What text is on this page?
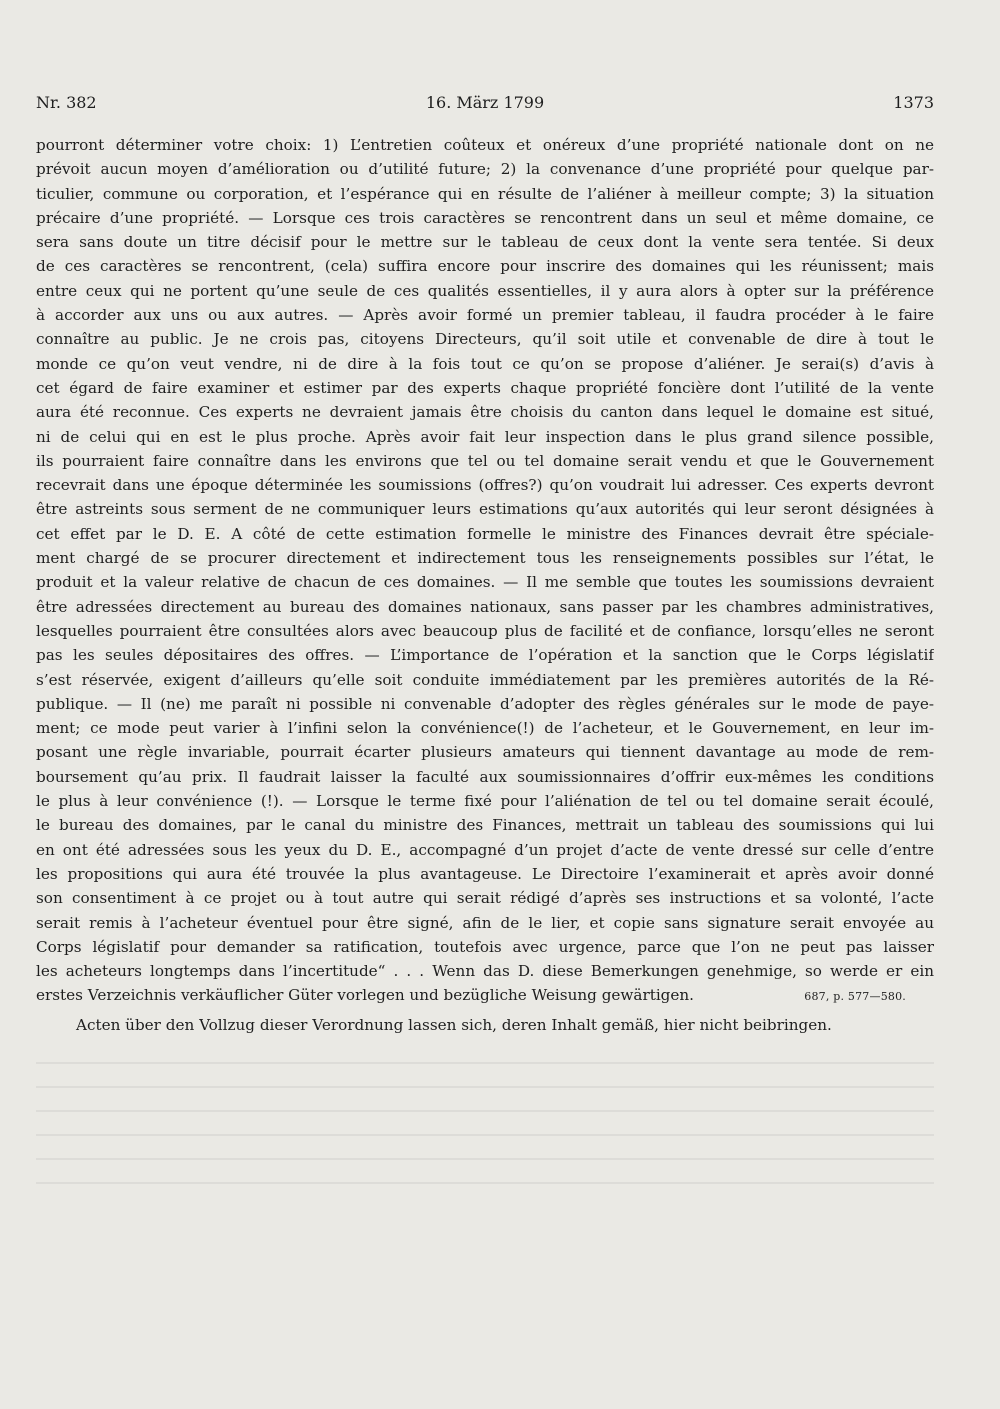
Nr. 382	16. März 1799	1373
pourront déterminer votre choix: 1) L’entretien coûteux et onéreux d’une propriété nationale dont on ne
prévoit aucun moyen d’amélioration ou d’utilité future; 2) la convenance d’une propriété pour quelque par-
ticulier, commune ou corporation, et l’espérance qui en résulte de l’aliéner à meilleur compte; 3) la situation
précaire d’une propriété. — Lorsque ces trois caractères se rencontrent dans un seul et même domaine, ce
sera sans doute un titre décisif pour le mettre sur le tableau de ceux dont la vente sera tentée. Si deux
de ces caractères se rencontrent, (cela) suffira encore pour inscrire des domaines qui les réunissent; mais
entre ceux qui ne portent qu’une seule de ces qualités essentielles, il y aura alors à opter sur la préférence
à accorder aux uns ou aux autres. — Après avoir formé un premier tableau, il faudra procéder à le faire
connaître au public. Je ne crois pas, citoyens Directeurs, qu’il soit utile et convenable de dire à tout le
monde ce qu’on veut vendre, ni de dire à la fois tout ce qu’on se propose d’aliéner. Je serai(s) d’avis à
cet égard de faire examiner et estimer par des experts chaque propriété foncière dont l’utilité de la vente
aura été reconnue. Ces experts ne devraient jamais être choisis du canton dans lequel le domaine est situé,
ni de celui qui en est le plus proche. Après avoir fait leur inspection dans le plus grand silence possible,
ils pourraient faire connaître dans les environs que tel ou tel domaine serait vendu et que le Gouvernement
recevrait dans une époque déterminée les soumissions (offres?) qu’on voudrait lui adresser. Ces experts devront
être astreints sous serment de ne communiquer leurs estimations qu’aux autorités qui leur seront désignées à
cet effet par le D. E. A côté de cette estimation formelle le ministre des Finances devrait être spéciale-
ment chargé de se procurer directement et indirectement tous les renseignements possibles sur l’état, le
produit et la valeur relative de chacun de ces domaines. — Il me semble que toutes les soumissions devraient
être adressées directement au bureau des domaines nationaux, sans passer par les chambres administratives,
lesquelles pourraient être consultées alors avec beaucoup plus de facilité et de confiance, lorsqu’elles ne seront
pas les seules dépositaires des offres. — L’importance de l’opération et la sanction que le Corps législatif
s’est réservée, exigent d’ailleurs qu’elle soit conduite immédiatement par les premières autorités de la Ré-
publique. — Il (ne) me paraît ni possible ni convenable d’adopter des règles générales sur le mode de paye-
ment; ce mode peut varier à l’infini selon la convénience(!) de l’acheteur, et le Gouvernement, en leur im-
posant une règle invariable, pourrait écarter plusieurs amateurs qui tiennent davantage au mode de rem-
boursement qu’au prix. Il faudrait laisser la faculté aux soumissionnaires d’offrir eux-mêmes les conditions
le plus à leur convénience (!). — Lorsque le terme fixé pour l’aliénation de tel ou tel domaine serait écoulé,
le bureau des domaines, par le canal du ministre des Finances, mettrait un tableau des soumissions qui lui
en ont été adressées sous les yeux du D. E., accompagné d’un projet d’acte de vente dressé sur celle d’entre
les propositions qui aura été trouvée la plus avantageuse. Le Directoire l’examinerait et après avoir donné
son consentiment à ce projet ou à tout autre qui serait rédigé d’après ses instructions et sa volonté, l’acte
serait remis à l’acheteur éventuel pour être signé, afin de le lier, et copie sans signature serait envoyée au
Corps législatif pour demander sa ratification, toutefois avec urgence, parce que l’on ne peut pas laisser
les acheteurs longtemps dans l’incertitude“ . . . Wenn das D. diese Bemerkungen genehmige, so werde er ein
erstes Verzeichnis verkäuflicher Güter vorlegen und bezügliche Weisung gewärtigen.	687, p. 577—580.
Acten über den Vollzug dieser Verordnung lassen sich, deren Inhalt gemäß, hier nicht beibringen.
